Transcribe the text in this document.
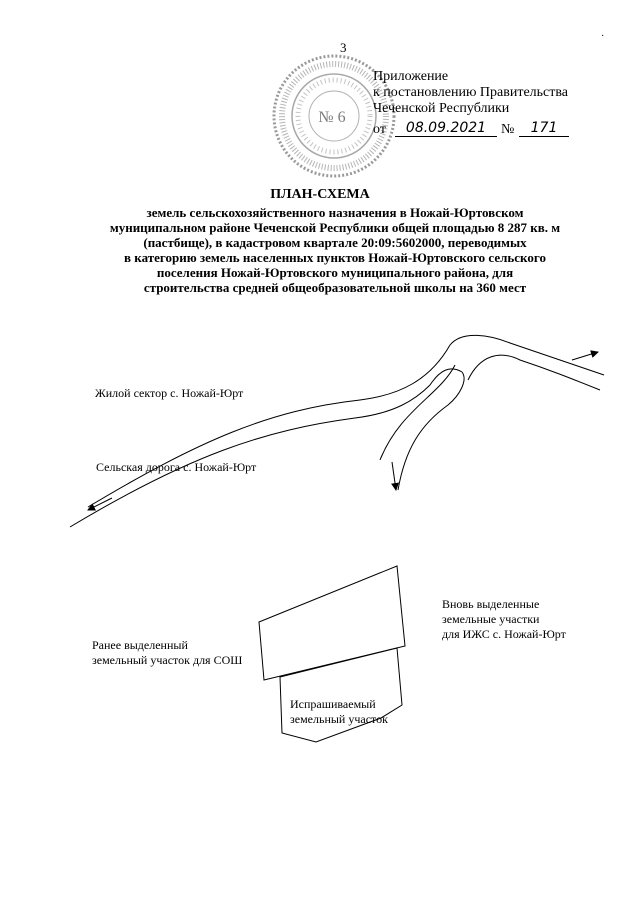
3
·
№ 6
Приложение
к постановлению Правительства
Чеченской Республики
от	08.09.2021	№	171
ПЛАН-СХЕМА
земель сельскохозяйственного назначения в Ножай-Юртовском
муниципальном районе Чеченской Республики общей площадью 8 287 кв. м
(пастбище), в кадастровом квартале 20:09:5602000, переводимых
в категорию земель населенных пунктов Ножай-Юртовского сельского
поселения Ножай-Юртовского муниципального района, для
строительства средней общеобразовательной школы на 360 мест
Жилой сектор с. Ножай-Юрт
Сельская дорога с. Ножай-Юрт
Вновь выделенные
земельные участки
для ИЖС с. Ножай-Юрт
Ранее выделенный
земельный участок для СОШ
Испрашиваемый
земельный участок
